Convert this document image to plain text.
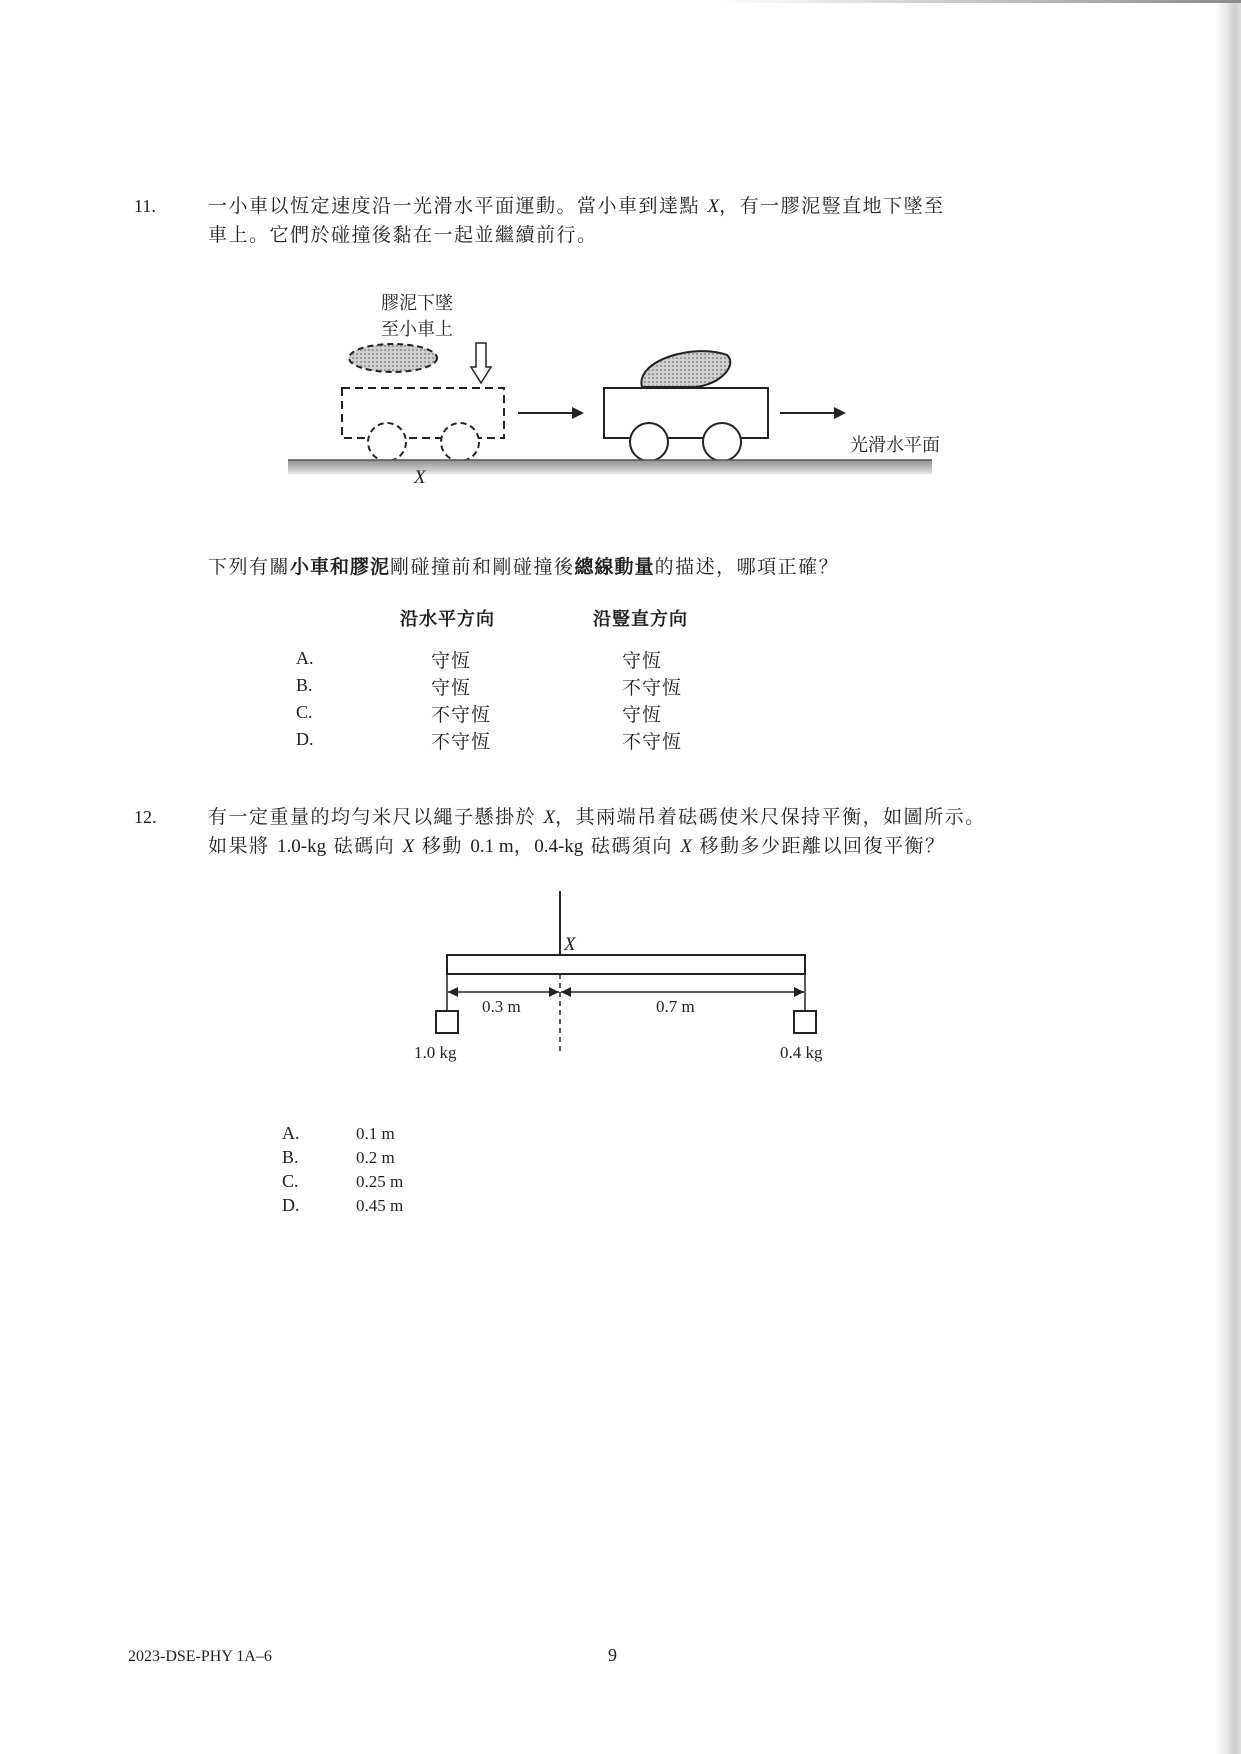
11.	一小車以恆定速度沿一光滑水平面運動。當小車到達點 X，有一膠泥豎直地下墜至
車上。它們於碰撞後黏在一起並繼續前行。
膠泥下墜
至小車上
光滑水平面
X
下列有關小車和膠泥剛碰撞前和剛碰撞後總線動量的描述，哪項正確？
沿水平方向	沿豎直方向
A.	守恆	守恆
B.	守恆	不守恆
C.	不守恆	守恆
D.	不守恆	不守恆
12.	有一定重量的均勻米尺以繩子懸掛於 X，其兩端吊着砝碼使米尺保持平衡，如圖所示。
如果將 1.0-kg 砝碼向 X 移動 0.1 m，0.4-kg 砝碼須向 X 移動多少距離以回復平衡？
X
0.3 m	0.7 m
1.0 kg	0.4 kg
A.	0.1 m
B.	0.2 m
C.	0.25 m
D.	0.45 m
2023-DSE-PHY 1A–6	9
